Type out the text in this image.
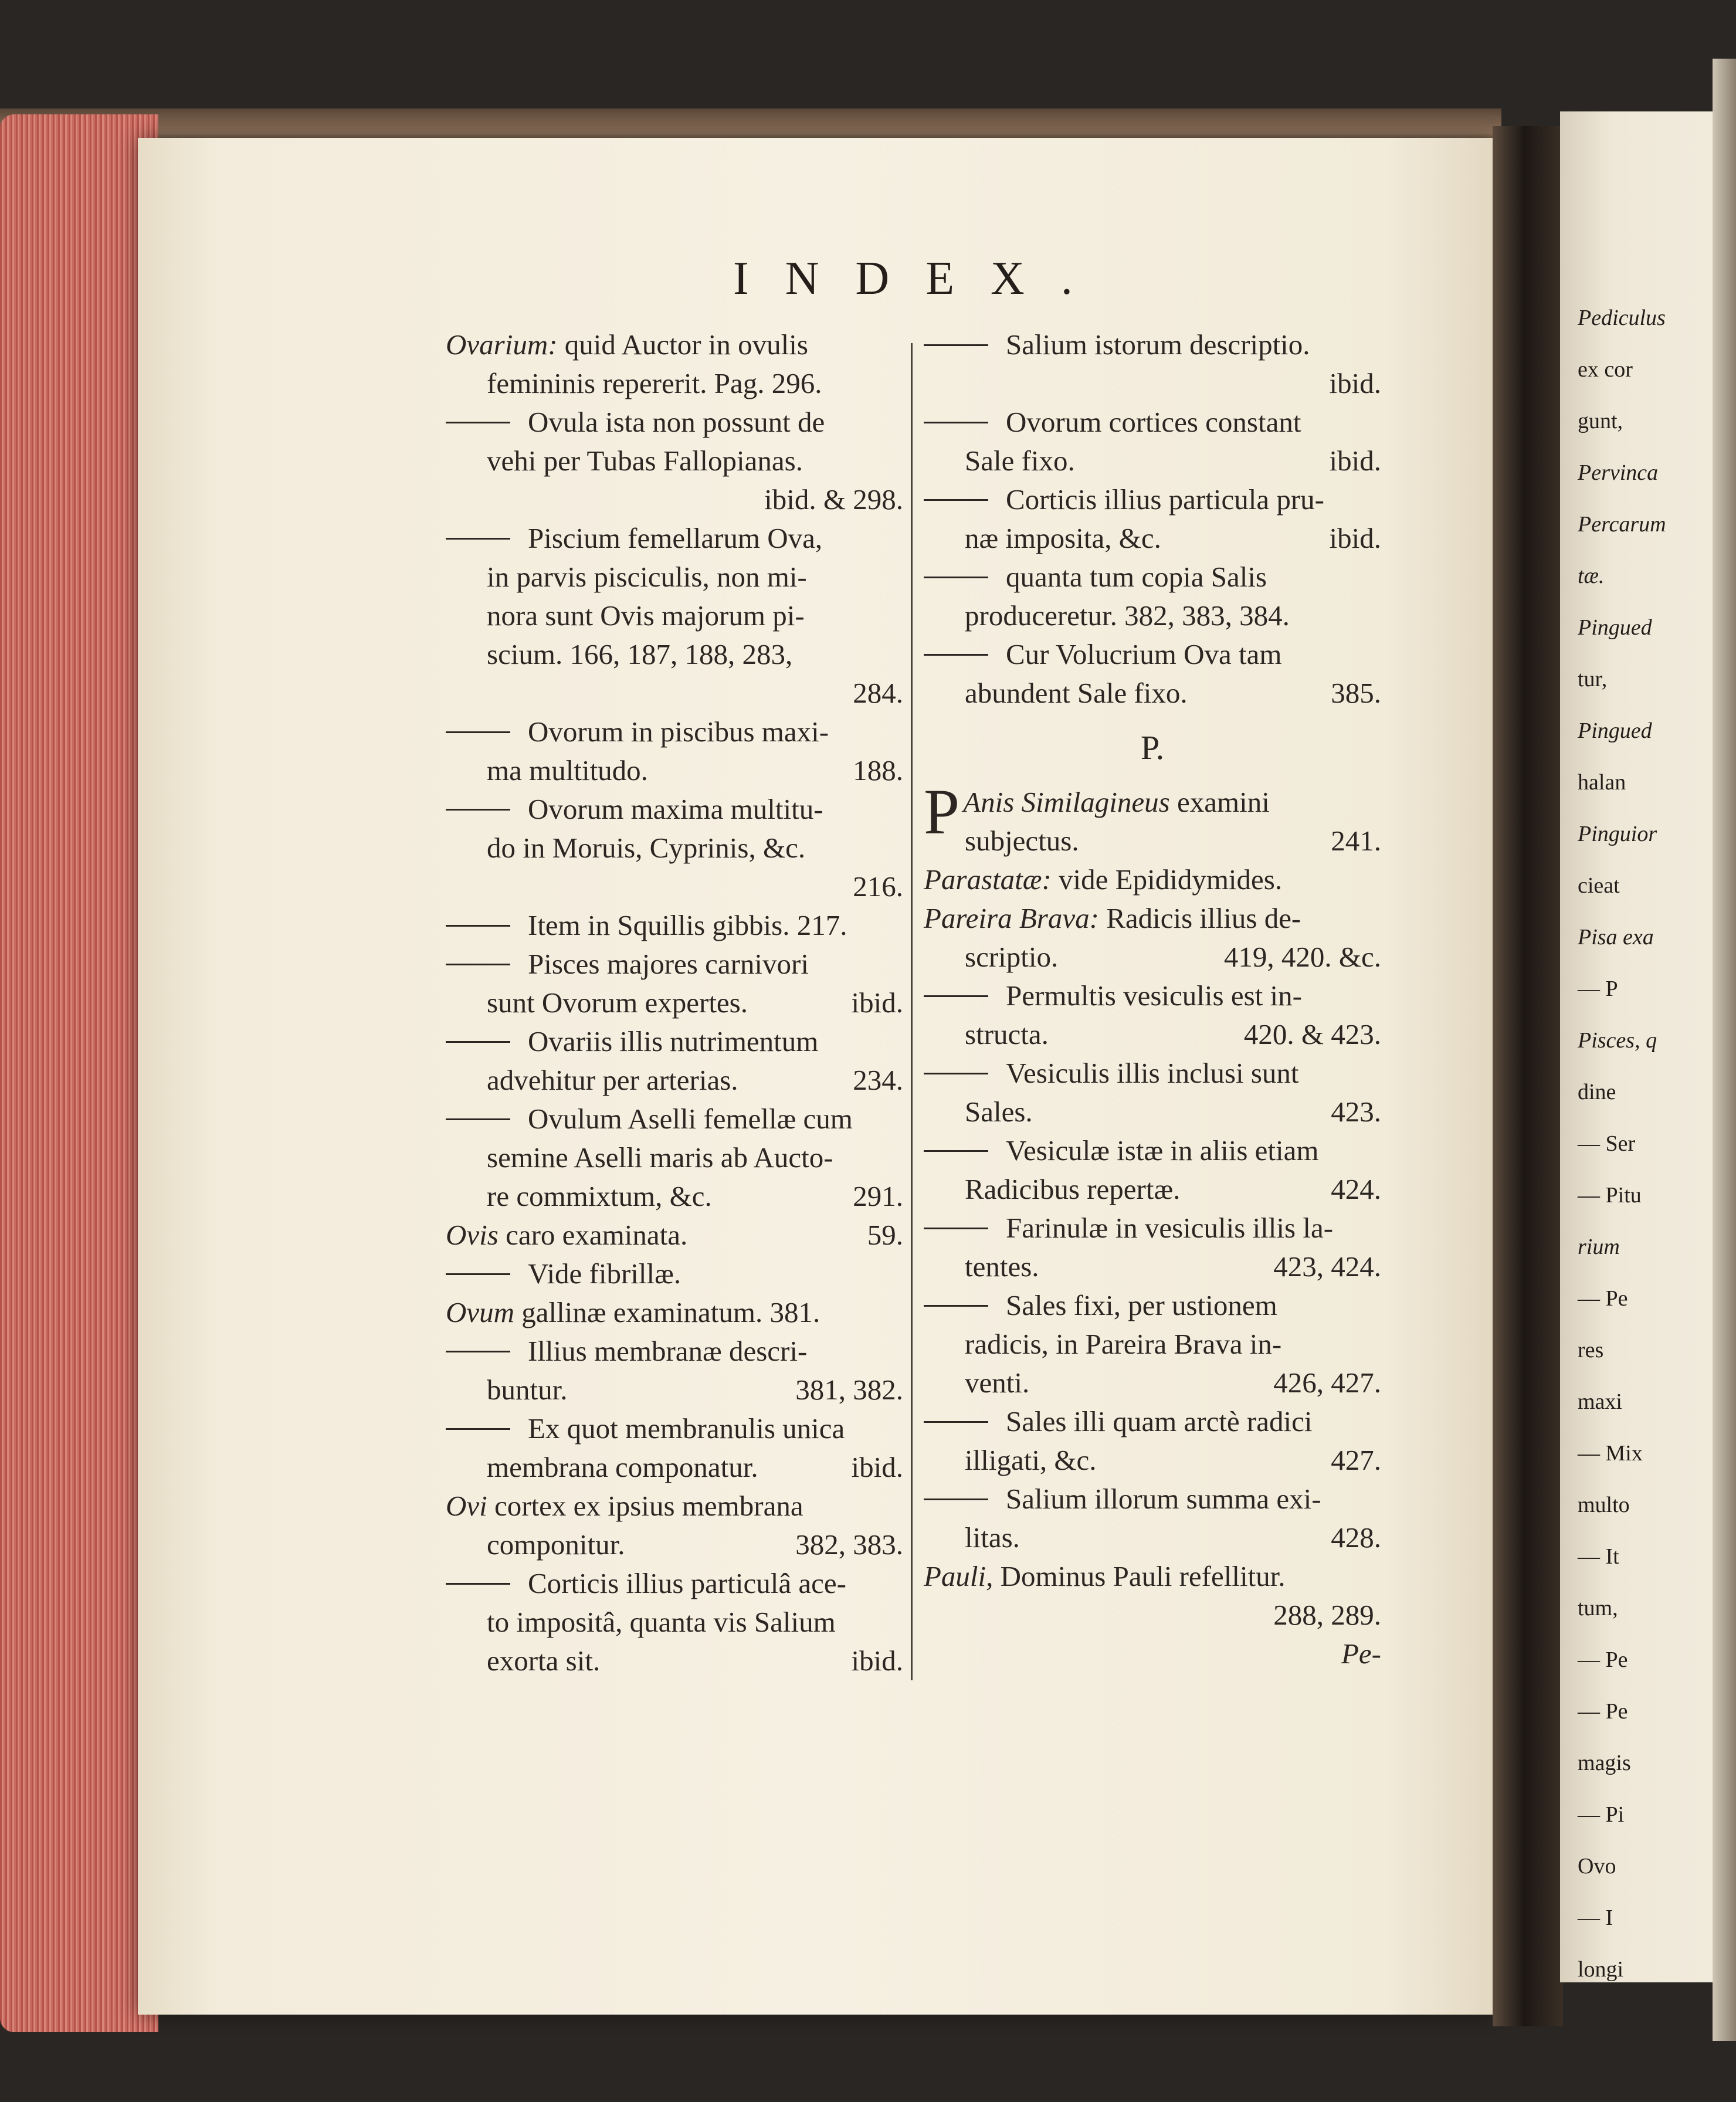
Pediculus
ex cor
gunt,
Pervinca
Percarum
tæ.
Pingued
tur,
Pingued
halan
Pinguior
cieat
Pisa exa
— P
Pisces, q
dine
— Ser
— Pitu
rium
— Pe
res
maxi
— Mix
multo
— It
tum,
— Pe
— Pe
magis
— Pi
Ovo
— I
longi
INDEX.
Ovarium: quid Auctor in ovulis
femininis repererit. Pag. 296.
Ovula ista non possunt de
vehi per Tubas Fallopianas.
ibid. & 298.
Piscium femellarum Ova,
in parvis pisciculis, non mi-
nora sunt Ovis majorum pi-
scium. 166, 187, 188, 283,
284.
Ovorum in piscibus maxi-
ma multitudo.	188.
Ovorum maxima multitu-
do in Moruis, Cyprinis, &c.
216.
Item in Squillis gibbis. 217.
Pisces majores carnivori
sunt Ovorum expertes.	ibid.
Ovariis illis nutrimentum
advehitur per arterias.	234.
Ovulum Aselli femellæ cum
semine Aselli maris ab Aucto-
re commixtum, &c.	291.
Ovis caro examinata.	59.
Vide fibrillæ.
Ovum gallinæ examinatum. 381.
Illius membranæ descri-
buntur.	381, 382.
Ex quot membranulis unica
membrana componatur.	ibid.
Ovi cortex ex ipsius membrana
componitur.	382, 383.
Corticis illius particulâ ace-
to impositâ, quanta vis Salium
exorta sit.	ibid.
Salium istorum descriptio.
ibid.
Ovorum cortices constant
Sale fixo.	ibid.
Corticis illius particula pru-
næ imposita, &c.	ibid.
quanta tum copia Salis
produceretur. 382, 383, 384.
Cur Volucrium Ova tam
abundent Sale fixo.	385.
P.
P Anis Similagineus examini
subjectus.	241.
Parastatæ: vide Epididymides.
Pareira Brava: Radicis illius de-
scriptio.	419, 420. &c.
Permultis vesiculis est in-
structa.	420. & 423.
Vesiculis illis inclusi sunt
Sales.	423.
Vesiculæ istæ in aliis etiam
Radicibus repertæ.	424.
Farinulæ in vesiculis illis la-
tentes.	423, 424.
Sales fixi, per ustionem
radicis, in Pareira Brava in-
venti.	426, 427.
Sales illi quam arctè radici
illigati, &c.	427.
Salium illorum summa exi-
litas.	428.
Pauli, Dominus Pauli refellitur.
288, 289.
Pe-
